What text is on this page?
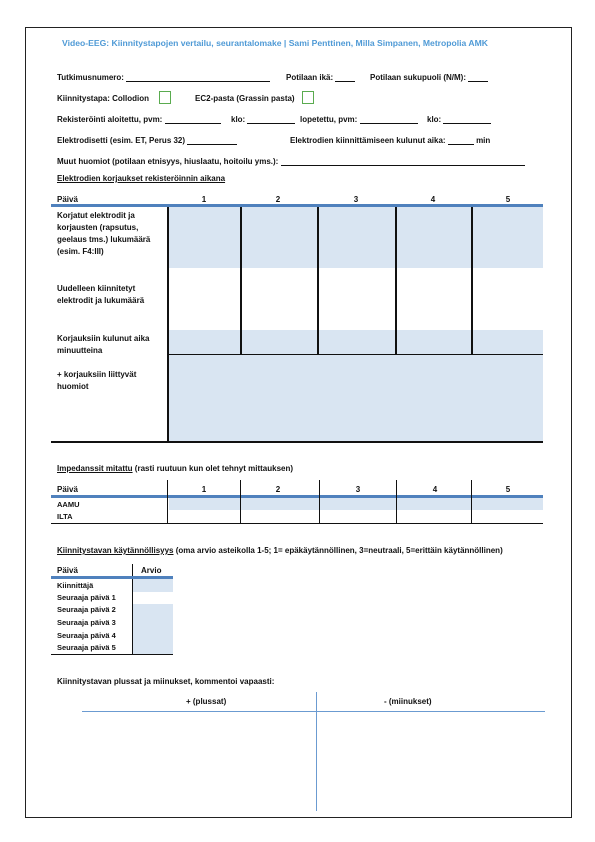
Video-EEG: Kiinnitystapojen vertailu, seurantalomake | Sami Penttinen, Milla Simpanen, Metropolia AMK
Tutkimusnumero:	Potilaan ikä:	Potilaan sukupuoli (N/M):
Kiinnitystapa: Collodion	EC2-pasta (Grassin pasta)
Rekisteröinti aloitettu, pvm:	klo:	lopetettu, pvm:	klo:
Elektrodisetti (esim. ET, Perus 32)	Elektrodien kiinnittämiseen kulunut aika:	min
Muut huomiot (potilaan etnisyys, hiuslaatu, hoitoilu yms.):
Elektrodien korjaukset rekisteröinnin aikana
Päivä	1	2	3	4	5
Korjatut elektrodit ja korjausten (rapsutus, geelaus tms.) lukumäärä (esim. F4:III)
Uudelleen kiinnitetyt elektrodit ja lukumäärä
Korjauksiin kulunut aika minuutteina
+ korjauksiin liittyvät huomiot
Impedanssit mitattu (rasti ruutuun kun olet tehnyt mittauksen)
Päivä	1	2	3	4	5
AAMU
ILTA
Kiinnitystavan käytännöllisyys (oma arvio asteikolla 1-5; 1= epäkäytännöllinen, 3=neutraali, 5=erittäin käytännöllinen)
Päivä	Arvio
Kiinnittäjä
Seuraaja päivä 1
Seuraaja päivä 2
Seuraaja päivä 3
Seuraaja päivä 4
Seuraaja päivä 5
Kiinnitystavan plussat ja miinukset, kommentoi vapaasti:
+ (plussat)	- (miinukset)
